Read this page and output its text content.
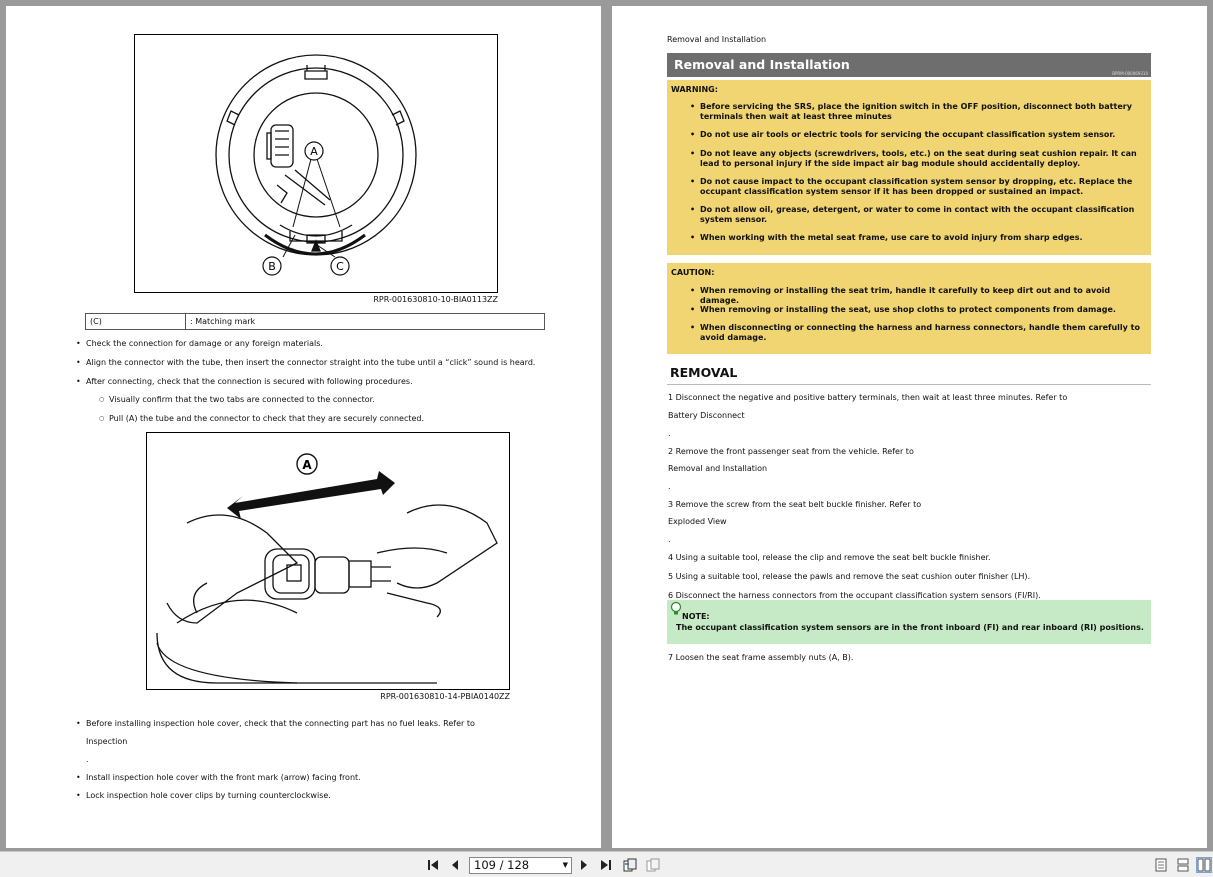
A
B	C
RPR-001630810-10-BIA0113ZZ
(C)	: Matching mark
• Check the connection for damage or any foreign materials.
• Align the connector with the tube, then insert the connector straight into the tube until a “click” sound is heard.
• After connecting, check that the connection is secured with following procedures.
○ Visually confirm that the two tabs are connected to the connector.
○ Pull (A) the tube and the connector to check that they are securely connected.
A
RPR-001630810-14-PBIA0140ZZ
• Before installing inspection hole cover, check that the connecting part has no fuel leaks. Refer to
Inspection
.
• Install inspection hole cover with the front mark (arrow) facing front.
• Lock inspection hole cover clips by turning counterclockwise.
Removal and Installation
Removal and Installation
BPRM-000069310
WARNING:
• Before servicing the SRS, place the ignition switch in the OFF position, disconnect both battery terminals then wait at least three minutes
• Do not use air tools or electric tools for servicing the occupant classification system sensor.
• Do not leave any objects (screwdrivers, tools, etc.) on the seat during seat cushion repair. It can lead to personal injury if the side impact air bag module should accidentally deploy.
• Do not cause impact to the occupant classification system sensor by dropping, etc. Replace the occupant classification system sensor if it has been dropped or sustained an impact.
• Do not allow oil, grease, detergent, or water to come in contact with the occupant classification system sensor.
• When working with the metal seat frame, use care to avoid injury from sharp edges.
CAUTION:
• When removing or installing the seat trim, handle it carefully to keep dirt out and to avoid damage.
• When removing or installing the seat, use shop cloths to protect components from damage.
• When disconnecting or connecting the harness and harness connectors, handle them carefully to avoid damage.
REMOVAL
1 Disconnect the negative and positive battery terminals, then wait at least three minutes. Refer to
Battery Disconnect
.
2 Remove the front passenger seat from the vehicle. Refer to
Removal and Installation
.
3 Remove the screw from the seat belt buckle finisher. Refer to
Exploded View
.
4 Using a suitable tool, release the clip and remove the seat belt buckle finisher.
5 Using a suitable tool, release the pawls and remove the seat cushion outer finisher (LH).
6 Disconnect the harness connectors from the occupant classification system sensors (FI/RI).
NOTE:
The occupant classification system sensors are in the front inboard (FI) and rear inboard (RI) positions.
7 Loosen the seat frame assembly nuts (A, B).
109 / 128	▼
